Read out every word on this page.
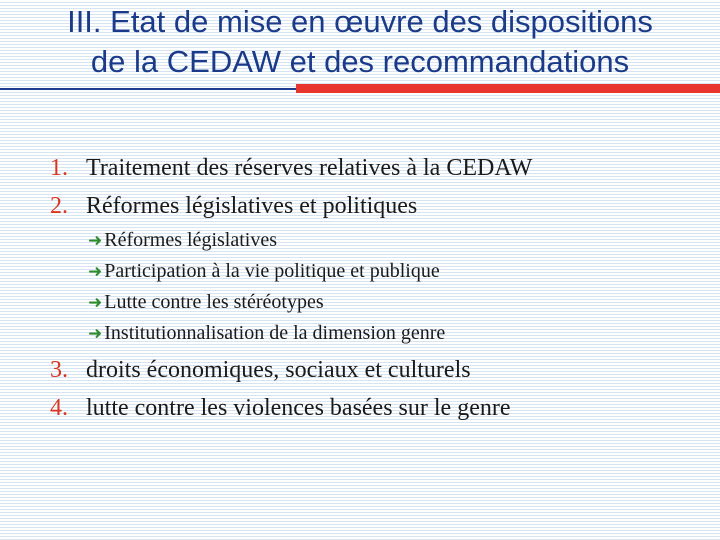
III. Etat de mise en œuvre des dispositions
de la CEDAW et des recommandations
1. Traitement des réserves relatives à la CEDAW
2. Réformes législatives et politiques
➜ Réformes législatives
➜ Participation à la vie politique et publique
➜ Lutte contre les stéréotypes
➜ Institutionnalisation de la dimension genre
3. droits économiques, sociaux et culturels
4. lutte contre les violences basées sur le genre
